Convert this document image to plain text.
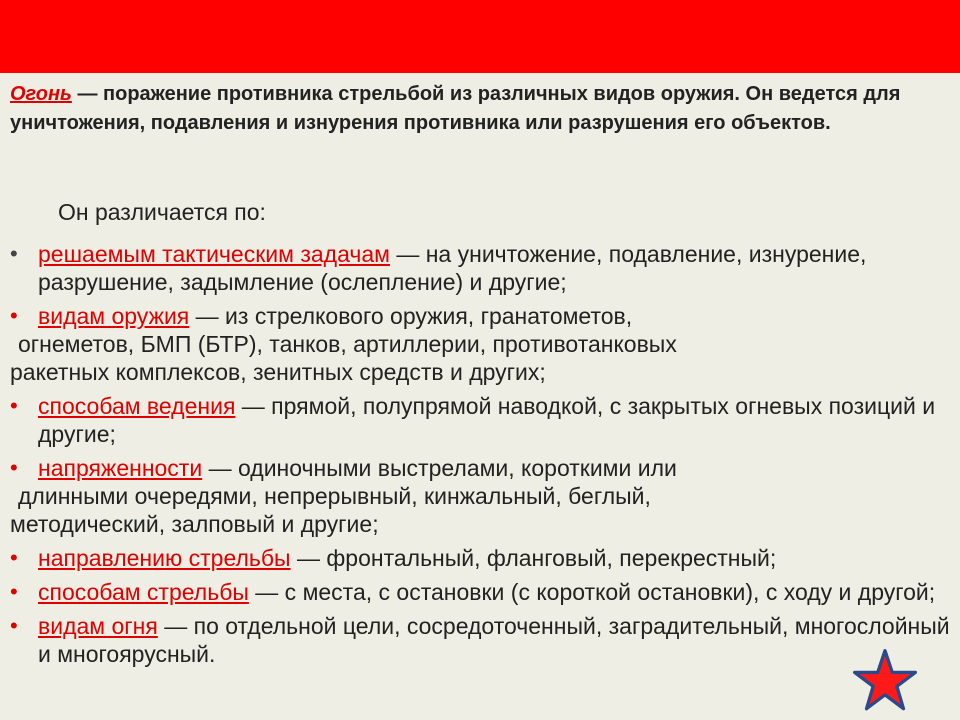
Огонь — поражение противника стрельбой из различных видов оружия. Он ведется для уничтожения, подавления и изнурения противника или разрушения его объектов.
Он различается по:
• решаемым тактическим задачам — на уничтожение, подавление, изнурение, разрушение, задымление (ослепление) и другие;
• видам оружия — из стрелкового оружия, гранатометов,
огнеметов, БМП (БТР), танков, артиллерии, противотанковых
ракетных комплексов, зенитных средств и других;
• способам ведения — прямой, полупрямой наводкой, с закрытых огневых позиций и другие;
• напряженности — одиночными выстрелами, короткими или
длинными очередями, непрерывный, кинжальный, беглый,
методический, залповый и другие;
• направлению стрельбы — фронтальный, фланговый, перекрестный;
• способам стрельбы — с места, с остановки (с короткой остановки), с ходу и другой;
• видам огня — по отдельной цели, сосредоточенный, заградительный, многослойный и многоярусный.
